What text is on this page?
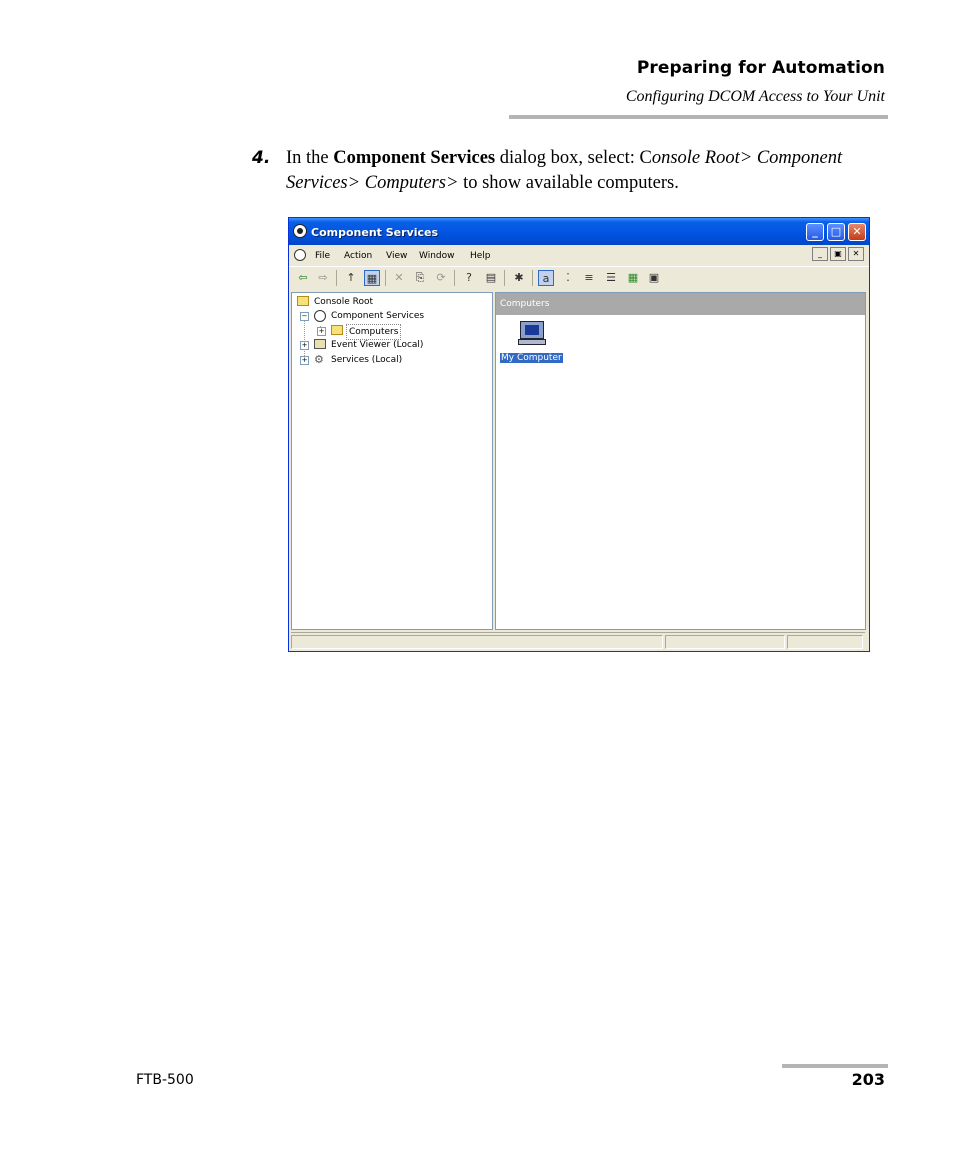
Preparing for Automation
Configuring DCOM Access to Your Unit
4. In the Component Services dialog box, select: Console Root> Component Services> Computers> to show available computers.
Component Services	_	□	✕
File Action View Window Help	_ ▣ ✕
⇦ ⇨	↑	▦	✕	⎘	⟳	?	▤	✱	a	⁚	≡	☰ ▦ ▣
Console Root
−	Component Services
+	Computers
+	Event Viewer (Local)
+ ⚙ Services (Local)
Computers
My Computer
FTB-500	203
